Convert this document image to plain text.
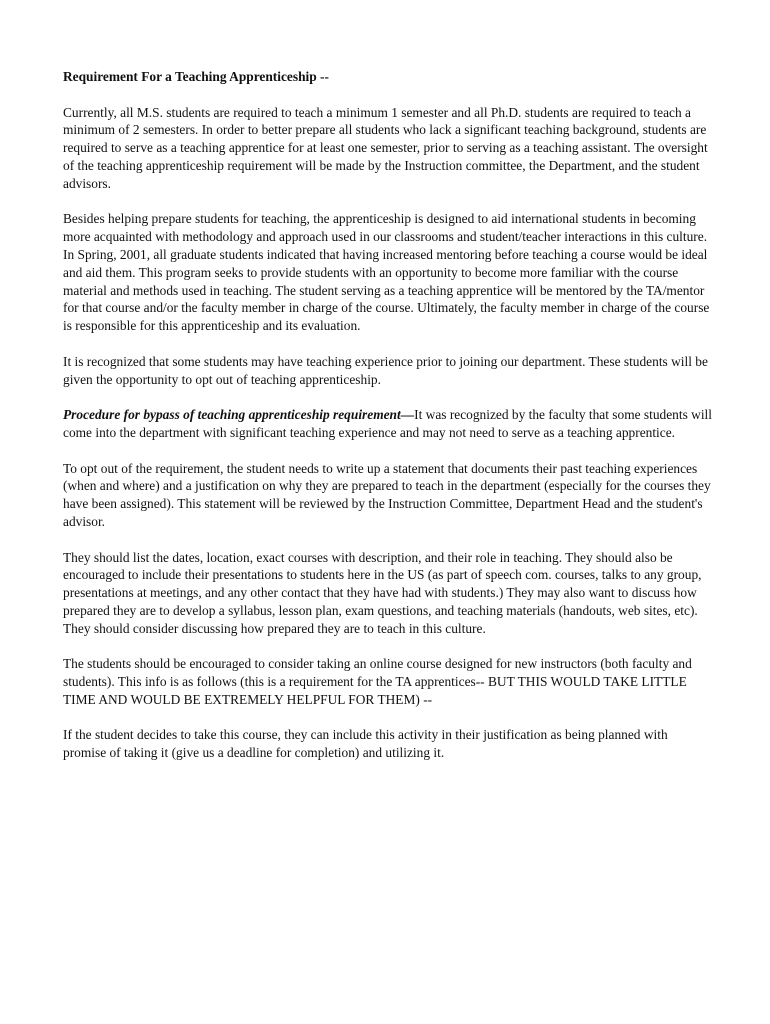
Requirement For a Teaching Apprenticeship --

Currently, all M.S. students are required to teach a minimum 1 semester and all Ph.D. students are required to teach a minimum of 2 semesters. In order to better prepare all students who lack a significant teaching background, students are required to serve as a teaching apprentice for at least one semester, prior to serving as a teaching assistant. The oversight of the teaching apprenticeship requirement will be made by the Instruction committee, the Department, and the student advisors.

Besides helping prepare students for teaching, the apprenticeship is designed to aid international students in becoming more acquainted with methodology and approach used in our classrooms and student/teacher interactions in this culture. In Spring, 2001, all graduate students indicated that having increased mentoring before teaching a course would be ideal and aid them. This program seeks to provide students with an opportunity to become more familiar with the course material and methods used in teaching. The student serving as a teaching apprentice will be mentored by the TA/mentor for that course and/or the faculty member in charge of the course. Ultimately, the faculty member in charge of the course is responsible for this apprenticeship and its evaluation.

It is recognized that some students may have teaching experience prior to joining our department. These students will be given the opportunity to opt out of teaching apprenticeship.

Procedure for bypass of teaching apprenticeship requirement—It was recognized by the faculty that some students will come into the department with significant teaching experience and may not need to serve as a teaching apprentice.

To opt out of the requirement, the student needs to write up a statement that documents their past teaching experiences (when and where) and a justification on why they are prepared to teach in the department (especially for the courses they have been assigned). This statement will be reviewed by the Instruction Committee, Department Head and the student's advisor.

They should list the dates, location, exact courses with description, and their role in teaching. They should also be encouraged to include their presentations to students here in the US (as part of speech com. courses, talks to any group, presentations at meetings, and any other contact that they have had with students.) They may also want to discuss how prepared they are to develop a syllabus, lesson plan, exam questions, and teaching materials (handouts, web sites, etc). They should consider discussing how prepared they are to teach in this culture.

The students should be encouraged to consider taking an online course designed for new instructors (both faculty and students). This info is as follows (this is a requirement for the TA apprentices-- BUT THIS WOULD TAKE LITTLE TIME AND WOULD BE EXTREMELY HELPFUL FOR THEM) --

If the student decides to take this course, they can include this activity in their justification as being planned with promise of taking it (give us a deadline for completion) and utilizing it.
